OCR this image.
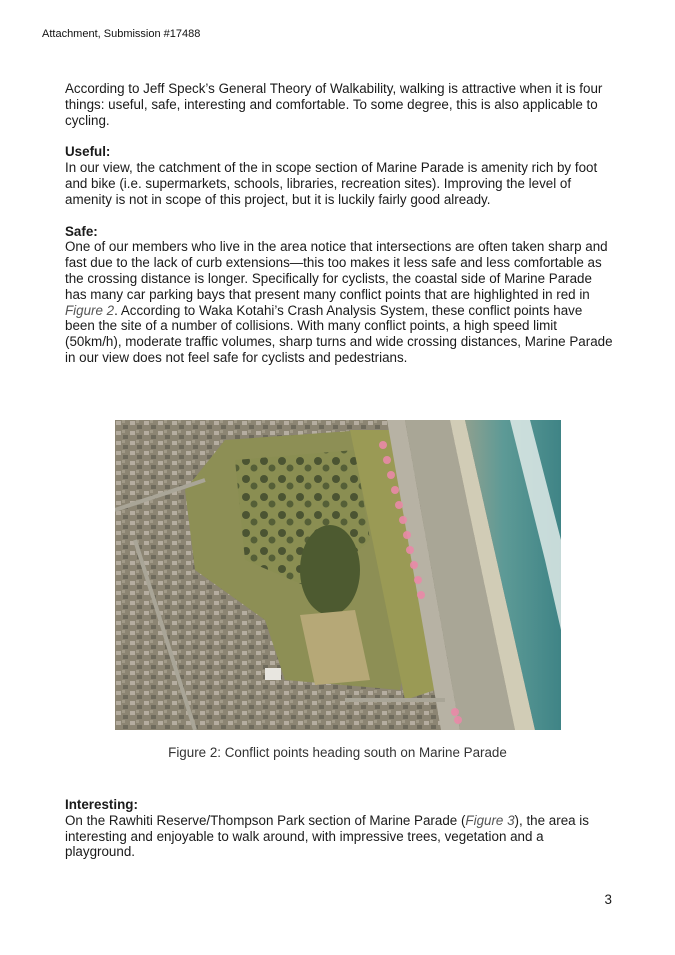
Attachment, Submission #17488

According to Jeff Speck’s General Theory of Walkability, walking is attractive when it is four things: useful, safe, interesting and comfortable. To some degree, this is also applicable to cycling.

Useful:

In our view, the catchment of the in scope section of Marine Parade is amenity rich by foot and bike (i.e. supermarkets, schools, libraries, recreation sites). Improving the level of amenity is not in scope of this project, but it is luckily fairly good already.

Safe:

One of our members who live in the area notice that intersections are often taken sharp and fast due to the lack of curb extensions—this too makes it less safe and less comfortable as the crossing distance is longer. Specifically for cyclists, the coastal side of Marine Parade has many car parking bays that present many conflict points that are highlighted in red in Figure 2. According to Waka Kotahi’s Crash Analysis System, these conflict points have been the site of a number of collisions. With many conflict points, a high speed limit (50km/h), moderate traffic volumes, sharp turns and wide crossing distances, Marine Parade in our view does not feel safe for cyclists and pedestrians.

Figure 2: Conflict points heading south on Marine Parade

Interesting:

On the Rawhiti Reserve/Thompson Park section of Marine Parade (Figure 3), the area is interesting and enjoyable to walk around, with impressive trees, vegetation and a playground.

3
